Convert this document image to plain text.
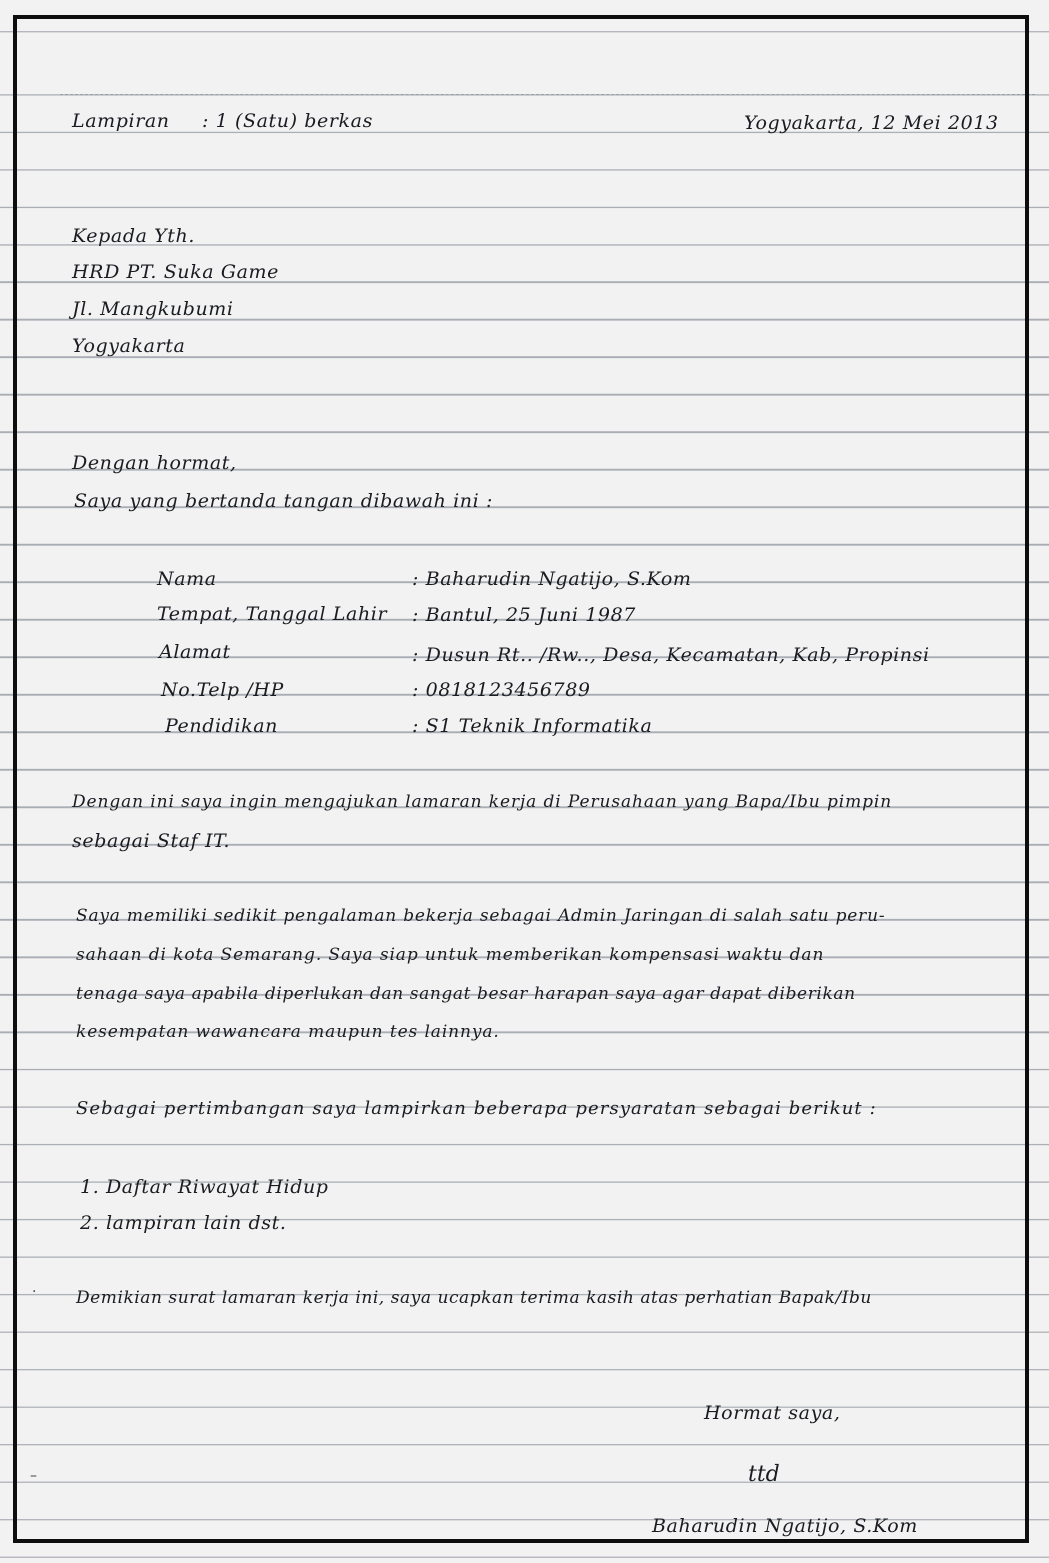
Lampiran : 1 (Satu) berkas	Yogyakarta, 12 Mei 2013
Kepada Yth.
HRD PT. Suka Game
Jl. Mangkubumi
Yogyakarta
Dengan hormat,
Saya yang bertanda tangan dibawah ini :
Nama	: Baharudin Ngatijo, S.Kom
Tempat, Tanggal Lahir : Bantul, 25 Juni 1987
Alamat	: Dusun Rt.. /Rw.., Desa, Kecamatan, Kab, Propinsi
No.Telp /HP	: 0818123456789
Pendidikan	: S1 Teknik Informatika
Dengan ini saya ingin mengajukan lamaran kerja di Perusahaan yang Bapa/Ibu pimpin
sebagai Staf IT.
Saya memiliki sedikit pengalaman bekerja sebagai Admin Jaringan di salah satu peru-
sahaan di kota Semarang. Saya siap untuk memberikan kompensasi waktu dan
tenaga saya apabila diperlukan dan sangat besar harapan saya agar dapat diberikan
kesempatan wawancara maupun tes lainnya.
Sebagai pertimbangan saya lampirkan beberapa persyaratan sebagai berikut :
1. Daftar Riwayat Hidup
2. lampiran lain dst.
· Demikian surat lamaran kerja ini, saya ucapkan terima kasih atas perhatian Bapak/Ibu
Hormat saya,
ttd
–
Baharudin Ngatijo, S.Kom
